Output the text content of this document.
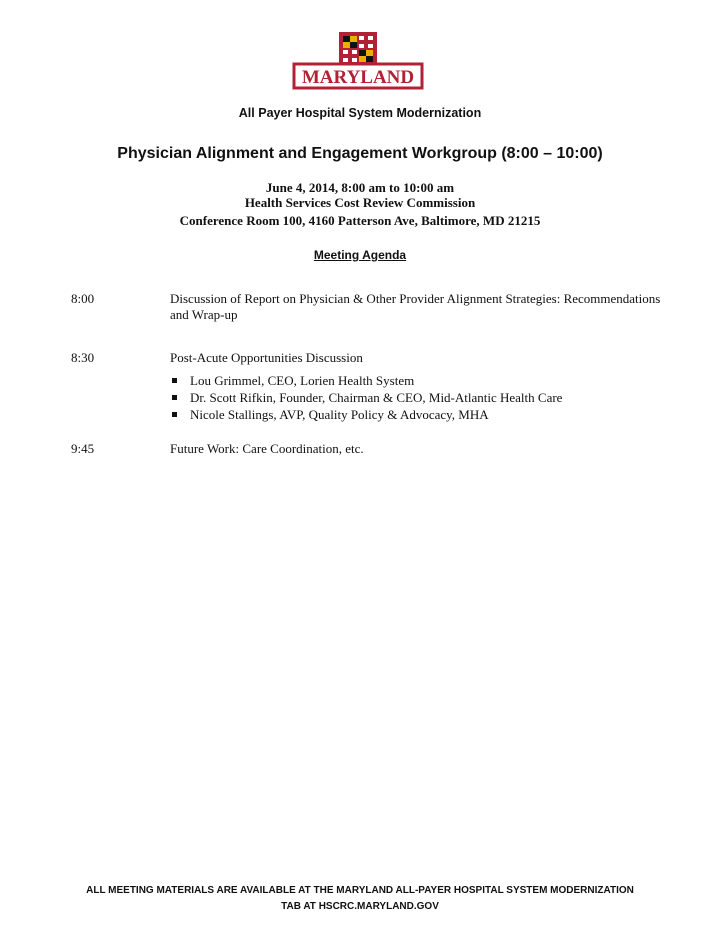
MARYLAND
All Payer Hospital System Modernization
Physician Alignment and Engagement Workgroup (8:00 – 10:00)
June 4, 2014, 8:00 am to 10:00 am
Health Services Cost Review Commission
Conference Room 100, 4160 Patterson Ave, Baltimore, MD 21215
Meeting Agenda
8:00	Discussion of Report on Physician & Other Provider Alignment Strategies: Recommendations
and Wrap-up
8:30	Post-Acute Opportunities Discussion
Lou Grimmel, CEO, Lorien Health System
Dr. Scott Rifkin, Founder, Chairman & CEO, Mid-Atlantic Health Care
Nicole Stallings, AVP, Quality Policy & Advocacy, MHA
9:45	Future Work: Care Coordination, etc.
ALL MEETING MATERIALS ARE AVAILABLE AT THE MARYLAND ALL-PAYER HOSPITAL SYSTEM MODERNIZATION
TAB AT HSCRC.MARYLAND.GOV
